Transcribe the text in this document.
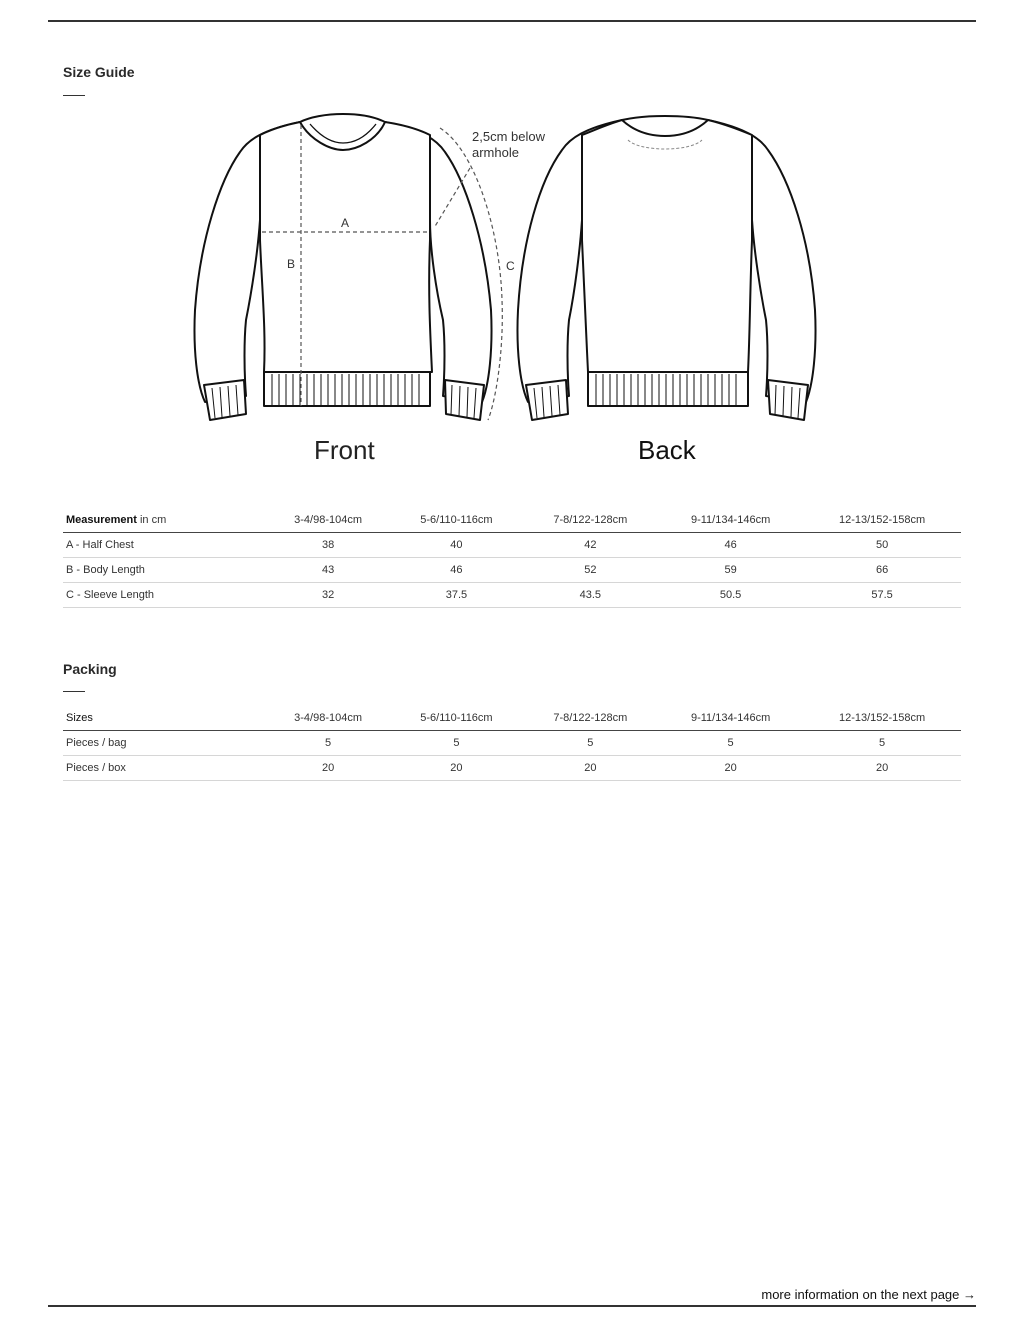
Size Guide
A
B	C
2,5cm below
armhole
Front	Back
Measurement in cm	3-4/98-104cm	5-6/110-116cm	7-8/122-128cm	9-11/134-146cm	12-13/152-158cm
A - Half Chest	38	40	42	46	50
B - Body Length	43	46	52	59	66
C - Sleeve Length	32	37.5	43.5	50.5	57.5
Packing
Sizes	3-4/98-104cm	5-6/110-116cm	7-8/122-128cm	9-11/134-146cm	12-13/152-158cm
Pieces / bag	5	5	5	5	5
Pieces / box	20	20	20	20	20
more information on the next page →
